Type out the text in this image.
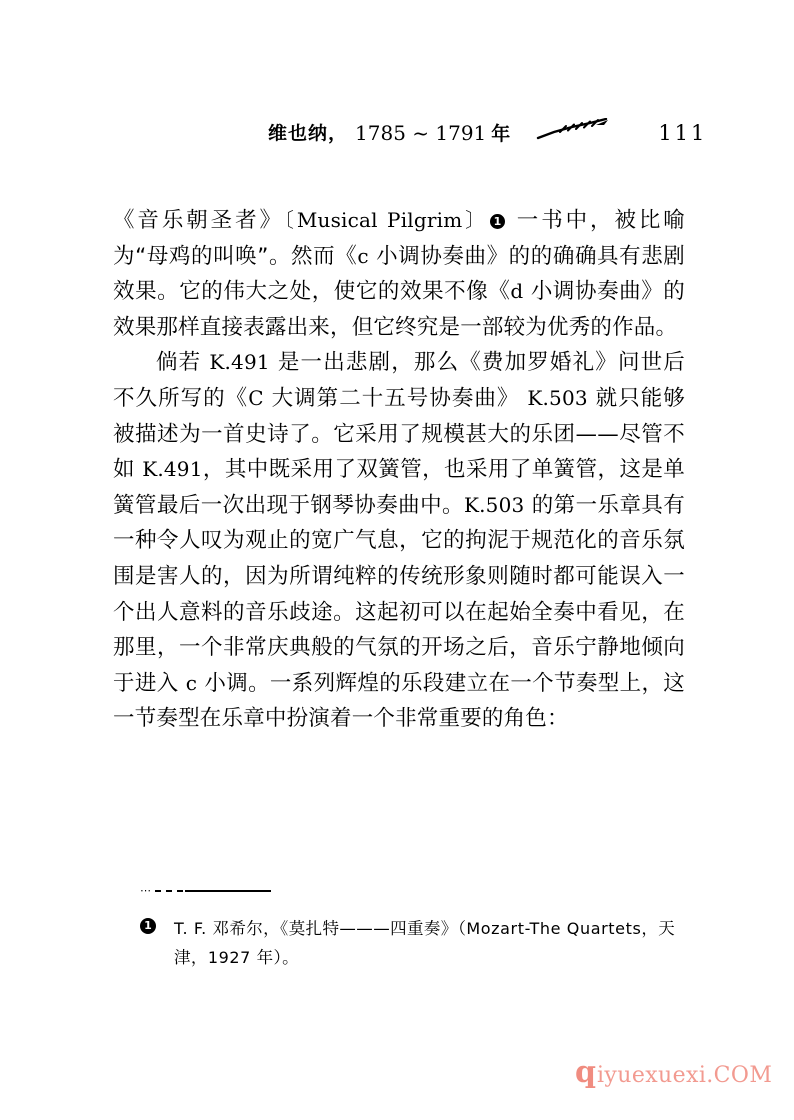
维也纳， 1785 ~ 1791 年	111

《音乐朝圣者》〔Musical Pilgrim〕 1 一书中，被比喻为“母鸡的叫唤”。然而《c 小调协奏曲》的的确确具有悲剧效果。它的伟大之处，使它的效果不像《d 小调协奏曲》的效果那样直接表露出来，但它终究是一部较为优秀的作品。

倘若 K.491 是一出悲剧，那么《费加罗婚礼》问世后不久所写的《C 大调第二十五号协奏曲》 K.503 就只能够被描述为一首史诗了。它采用了规模甚大的乐团——尽管不如 K.491，其中既采用了双簧管，也采用了单簧管，这是单簧管最后一次出现于钢琴协奏曲中。K.503 的第一乐章具有一种令人叹为观止的宽广气息，它的拘泥于规范化的音乐氛围是害人的，因为所谓纯粹的传统形象则随时都可能误入一个出人意料的音乐歧途。这起初可以在起始全奏中看见，在那里，一个非常庆典般的气氛的开场之后，音乐宁静地倾向于进入 c 小调。一系列辉煌的乐段建立在一个节奏型上，这一节奏型在乐章中扮演着一个非常重要的角色：

⋯
1 T. F. 邓希尔，《莫扎特———四重奏》（Mozart-The Quartets，天津，1927 年）。
q iyuexuexi.COM
